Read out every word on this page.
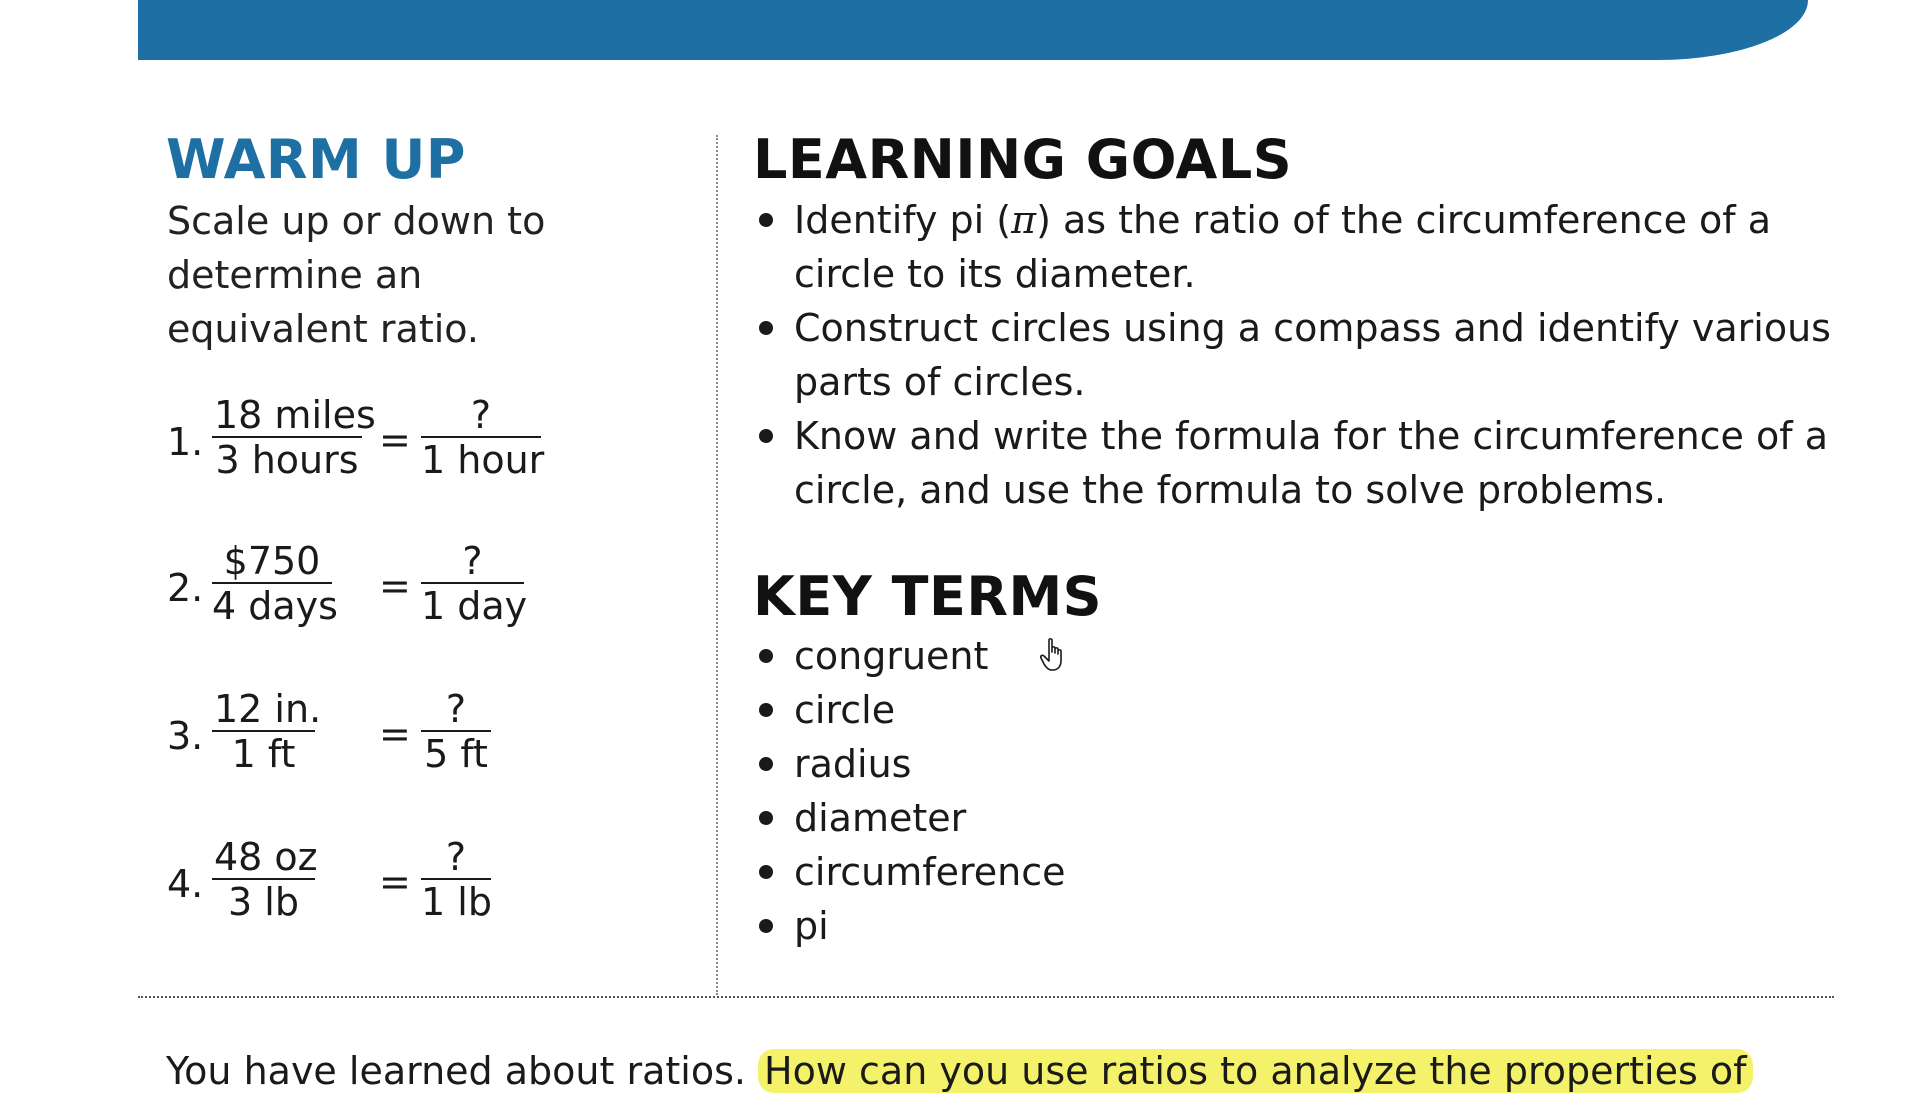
WARM UP

Scale up or down to determine an equivalent ratio.

1.
18 miles
3 hours =
?
1 hour
2.
$750
4 days =
?
1 day
3. $\frac{12 in.}{1 ft}$ =
?
5 ft
4. $\frac{48 oz}{3 lb}$ =
?
1 lb
LEARNING GOALS
Identify pi (π) as the ratio of the circumference of a circle to its diameter.
Construct circles using a compass and identify various parts of circles.
Know and write the formula for the circumference of a circle, and use the formula to solve problems.
KEY TERMS
congruent
circle
radius
diameter
circumference
pi
You have learned about ratios. How can you use ratios to analyze the properties of
